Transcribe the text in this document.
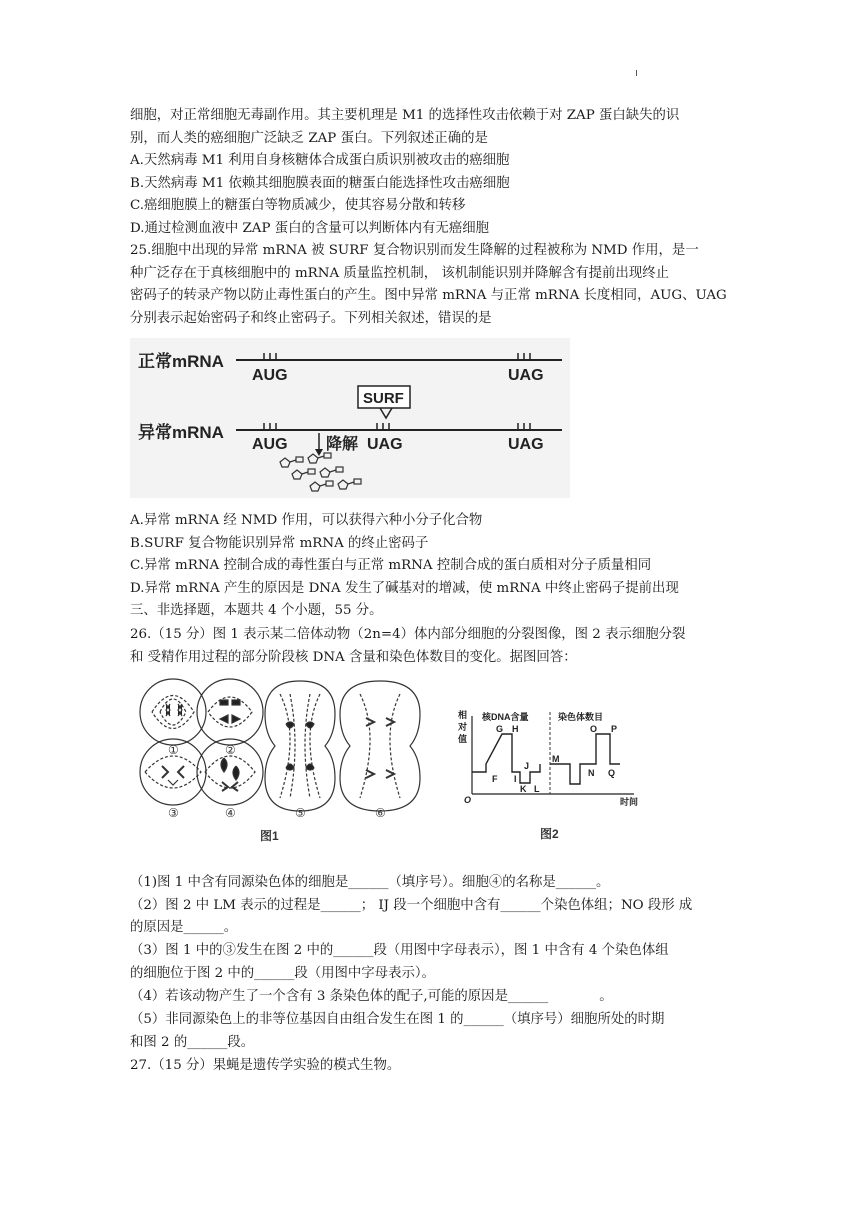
细胞，对正常细胞无毒副作用。其主要机理是 M1 的选择性攻击依赖于对 ZAP 蛋白缺失的识
别，而人类的癌细胞广泛缺乏 ZAP 蛋白。下列叙述正确的是
A.天然病毒 M1 利用自身核糖体合成蛋白质识别被攻击的癌细胞
B.天然病毒 M1 依赖其细胞膜表面的糖蛋白能选择性攻击癌细胞
C.癌细胞膜上的糖蛋白等物质减少，使其容易分散和转移
D.通过检测血液中 ZAP 蛋白的含量可以判断体内有无癌细胞
25.细胞中出现的异常 mRNA 被 SURF 复合物识别而发生降解的过程被称为 NMD 作用，是一
种广泛存在于真核细胞中的 mRNA 质量监控机制， 该机制能识别并降解含有提前出现终止
密码子的转录产物以防止毒性蛋白的产生。图中异常 mRNA 与正常 mRNA 长度相同，AUG、UAG
分别表示起始密码子和终止密码子。下列相关叙述，错误的是
正常mRNA
AUG	UAG
SURF
异常mRNA
AUG	UAG	UAG
降解
A.异常 mRNA 经 NMD 作用，可以获得六种小分子化合物
B.SURF 复合物能识别异常 mRNA 的终止密码子
C.异常 mRNA 控制合成的毒性蛋白与正常 mRNA 控制合成的蛋白质相对分子质量相同
D.异常 mRNA 产生的原因是 DNA 发生了碱基对的增减，使 mRNA 中终止密码子提前出现
三、非选择题，本题共 4 个小题，55 分。
26.（15 分）图 1 表示某二倍体动物（2n=4）体内部分细胞的分裂图像，图 2 表示细胞分裂
和 受精作用过程的部分阶段核 DNA 含量和染色体数目的变化。据图回答：
①	②
③	④	⑤	⑥
图1
相
对
值
核DNA含量	染色体数目
O	时间
F
G H
I
J
K L
M
N
O P
Q
图2
（1)图 1 中含有同源染色体的细胞是______（填序号）。细胞④的名称是______。
（2）图 2 中 LM 表示的过程是______； IJ 段一个细胞中含有______个染色体组；NO 段形 成
的原因是______。
（3）图 1 中的③发生在图 2 中的______段（用图中字母表示），图 1 中含有 4 个染色体组
的细胞位于图 2 中的______段（用图中字母表示）。
（4）若该动物产生了一个含有 3 条染色体的配子,可能的原因是______            。
（5）非同源染色上的非等位基因自由组合发生在图 1 的______（填序号）细胞所处的时期
和图 2 的______段。
27.（15 分）果蝇是遗传学实验的模式生物。
